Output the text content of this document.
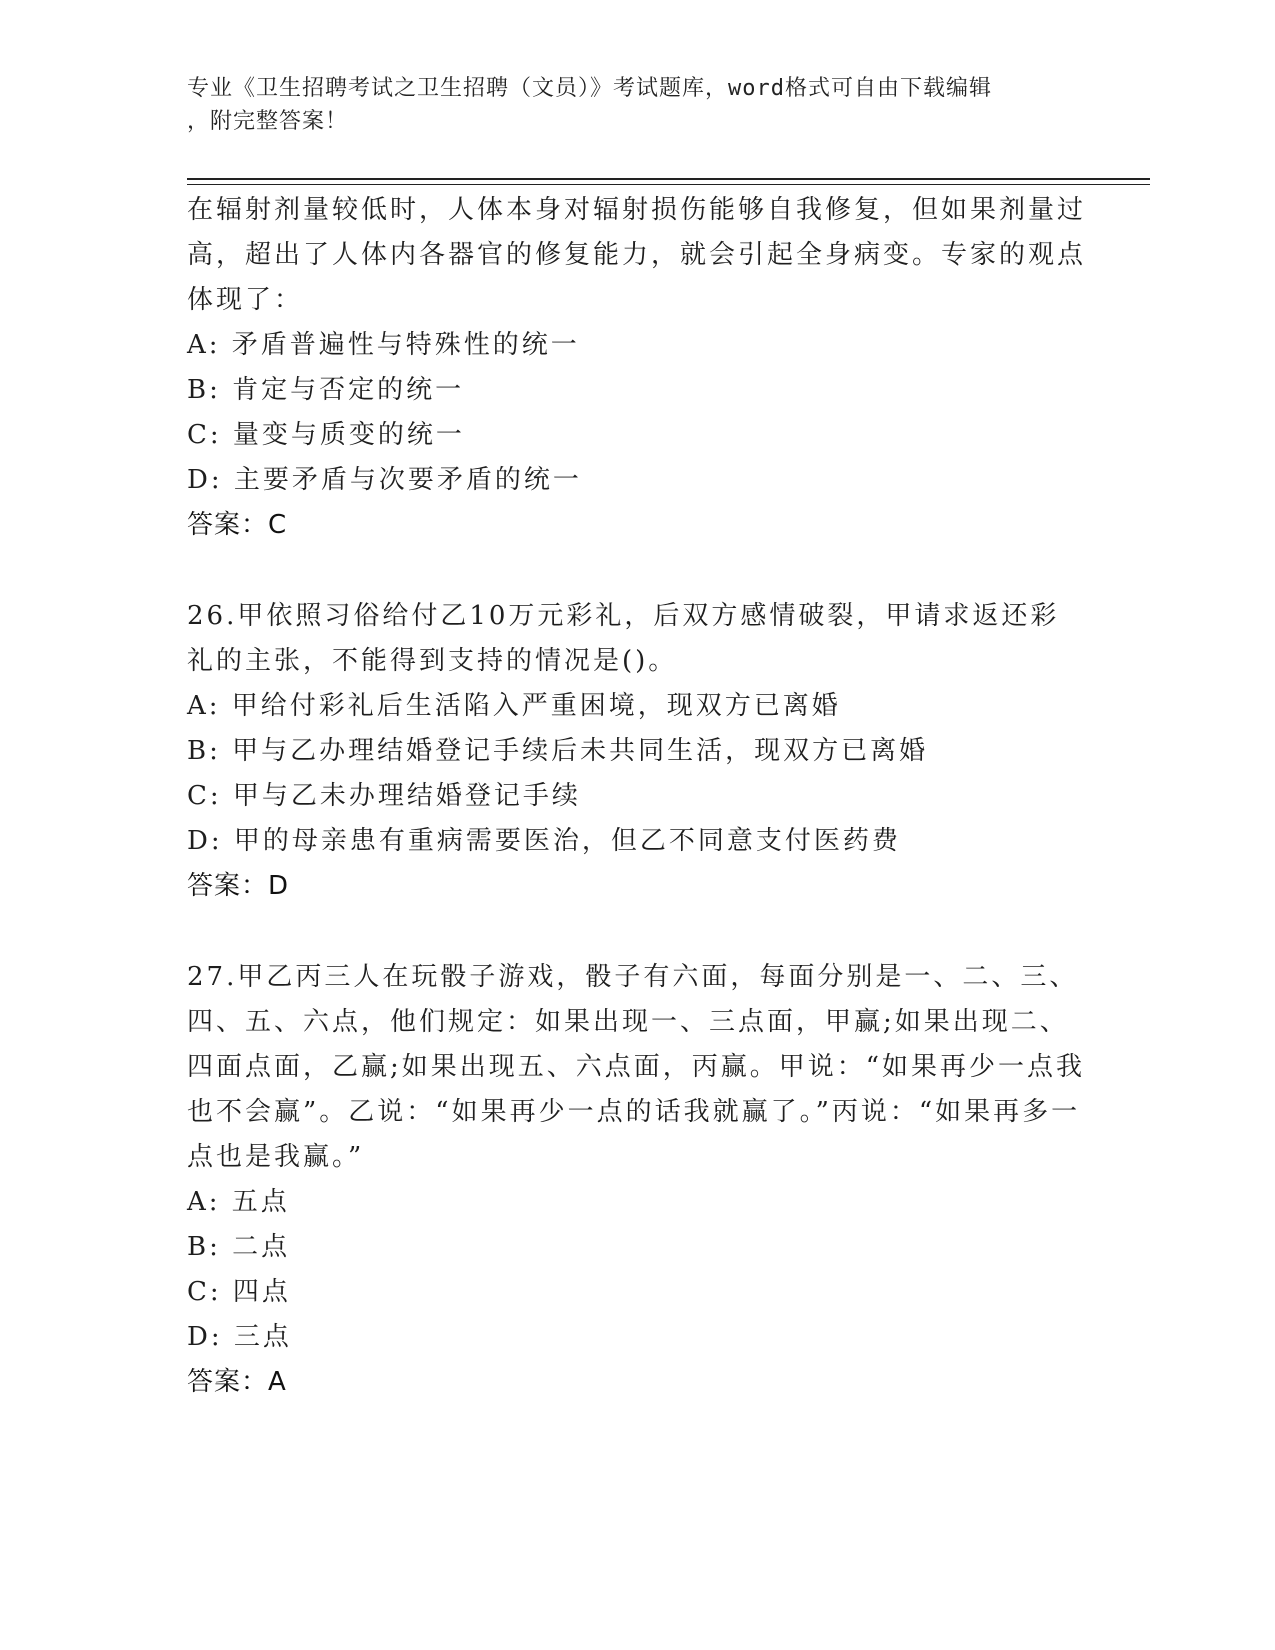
专业《卫生招聘考试之卫生招聘（文员）》考试题库，word格式可自由下载编辑
，附完整答案！

在辐射剂量较低时，人体本身对辐射损伤能够自我修复，但如果剂量过高，超出了人体内各器官的修复能力，就会引起全身病变。专家的观点体现了：

A: 矛盾普遍性与特殊性的统一

B: 肯定与否定的统一

C: 量变与质变的统一

D: 主要矛盾与次要矛盾的统一

答案：C

26.甲依照习俗给付乙10万元彩礼，后双方感情破裂，甲请求返还彩礼的主张，不能得到支持的情况是()。

A: 甲给付彩礼后生活陷入严重困境，现双方已离婚

B: 甲与乙办理结婚登记手续后未共同生活，现双方已离婚

C: 甲与乙未办理结婚登记手续

D: 甲的母亲患有重病需要医治，但乙不同意支付医药费

答案：D

27.甲乙丙三人在玩骰子游戏，骰子有六面，每面分别是一、二、三、四、五、六点，他们规定：如果出现一、三点面，甲赢;如果出现二、四面点面，乙赢;如果出现五、六点面，丙赢。甲说：“如果再少一点我也不会赢”。乙说：“如果再少一点的话我就赢了。”丙说：“如果再多一点也是我赢。”

A: 五点

B: 二点

C: 四点

D: 三点

答案：A
